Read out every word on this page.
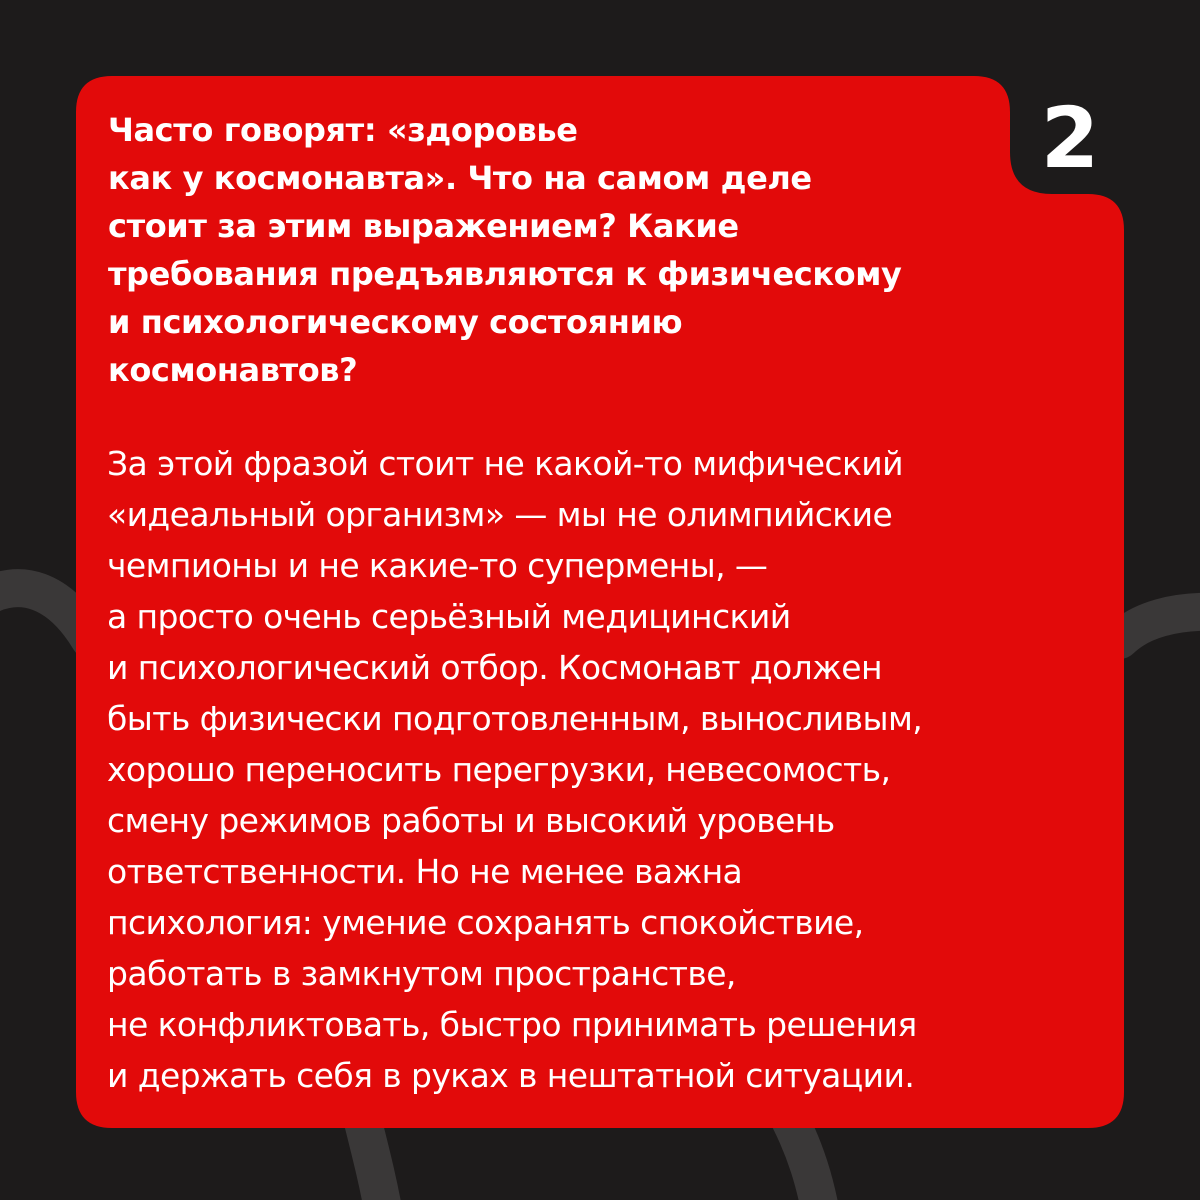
2
Часто говорят: «здоровье
как у космонавта». Что на самом деле
стоит за этим выражением? Какие
требования предъявляются к физическому
и психологическому состоянию
космонавтов?

За этой фразой стоит не какой-то мифический
«идеальный организм» — мы не олимпийские
чемпионы и не какие-то супермены, —
а просто очень серьёзный медицинский
и психологический отбор. Космонавт должен
быть физически подготовленным, выносливым,
хорошо переносить перегрузки, невесомость,
смену режимов работы и высокий уровень
ответственности. Но не менее важна
психология: умение сохранять спокойствие,
работать в замкнутом пространстве,
не конфликтовать, быстро принимать решения
и держать себя в руках в нештатной ситуации.
